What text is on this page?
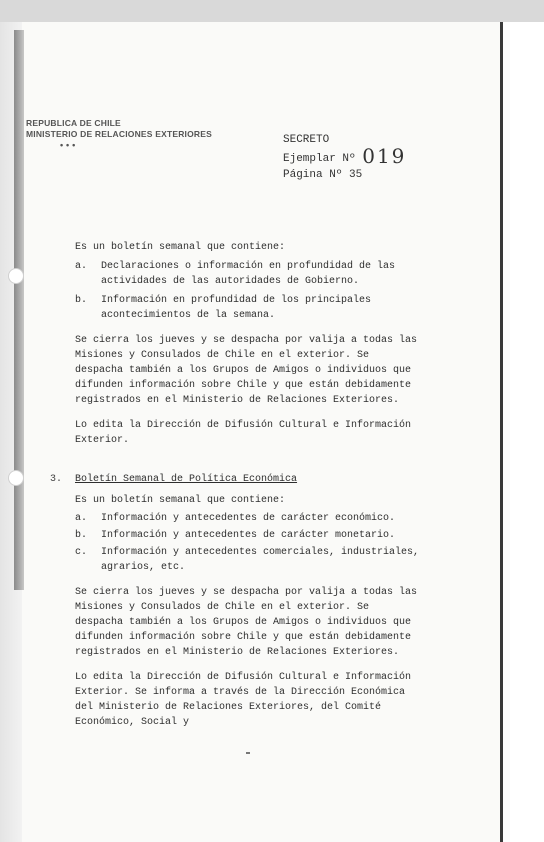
REPUBLICA DE CHILE
MINISTERIO DE RELACIONES EXTERIORES
• • •	SECRETO
Ejemplar Nº 019
Página Nº 35
Es un boletín semanal que contiene:
a.	Declaraciones o información en profundidad de las actividades de las autoridades de Gobierno.
b.	Información en profundidad de los principales acontecimientos de la semana.
Se cierra los jueves y se despacha por valija a todas las Misiones y Consulados de Chile en el exterior. Se despacha también a los Grupos de Amigos o individuos que difunden información sobre Chile y que están debidamente registrados en el Ministerio de Relaciones Exteriores.
Lo edita la Dirección de Difusión Cultural e Información Exterior.
3. Boletín Semanal de Política Económica
Es un boletín semanal que contiene:
a.	Información y antecedentes de carácter económico.
b.	Información y antecedentes de carácter monetario.
c.	Información y antecedentes comerciales, industriales, agrarios, etc.
Se cierra los jueves y se despacha por valija a todas las Misiones y Consulados de Chile en el exterior. Se despacha también a los Grupos de Amigos o individuos que difunden información sobre Chile y que están debidamente registrados en el Ministerio de Relaciones Exteriores.
Lo edita la Dirección de Difusión Cultural e Información Exterior. Se informa a través de la Dirección Económica del Ministerio de Relaciones Exteriores, del Comité Económico, Social y
